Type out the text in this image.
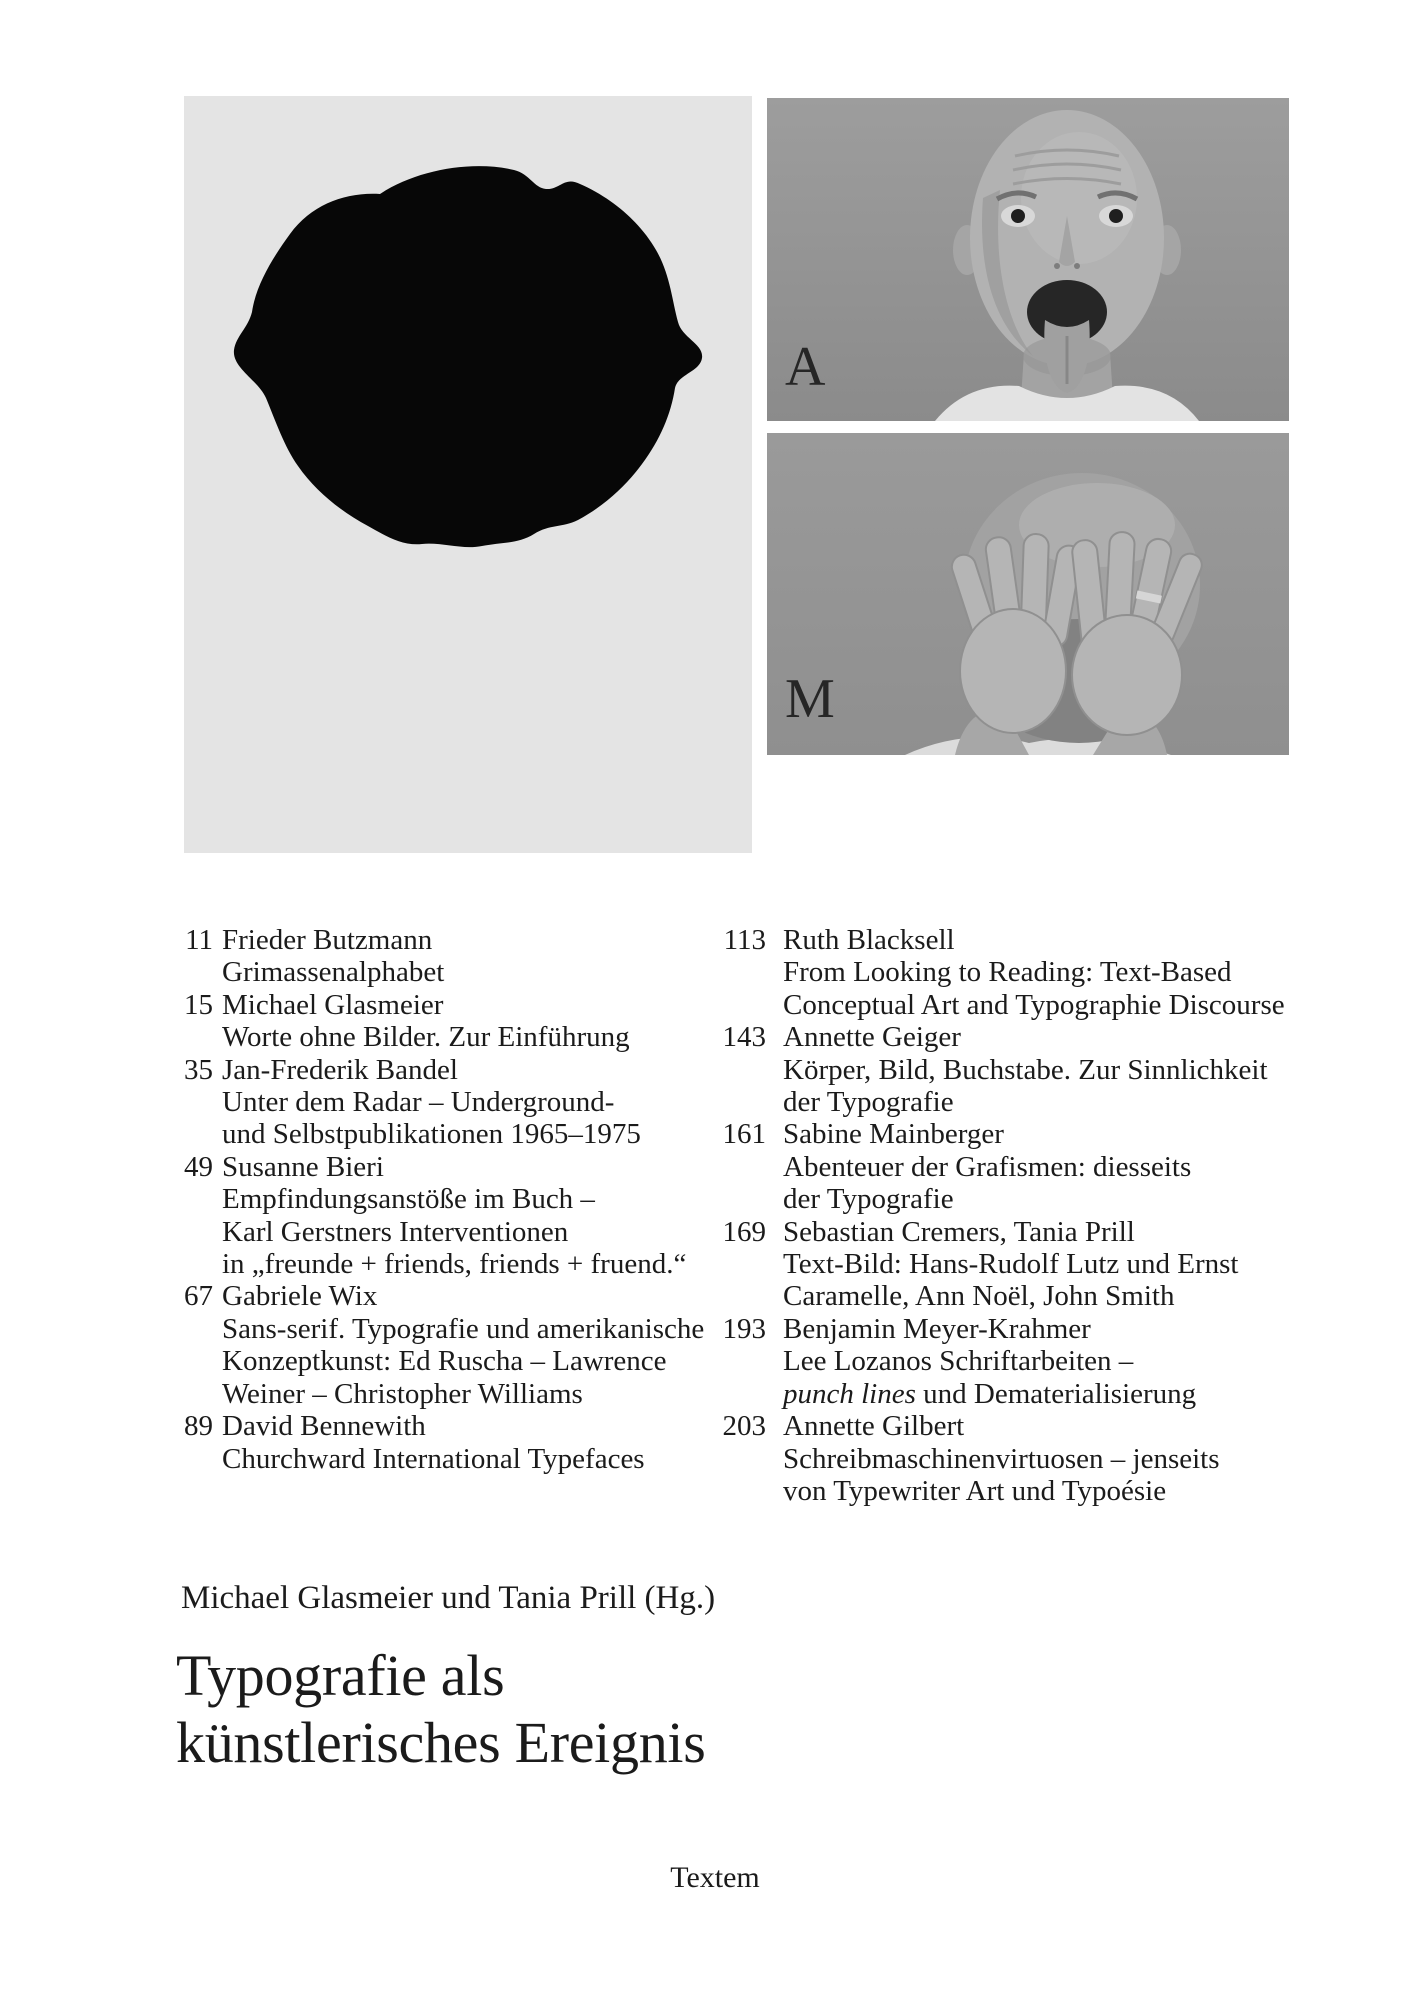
A
M
11 Frieder Butzmann
Grimassenalphabet
15 Michael Glasmeier
Worte ohne Bilder. Zur Einführung
35 Jan-Frederik Bandel
Unter dem Radar – Underground-
und Selbstpublikationen 1965–1975
49 Susanne Bieri
Empfindungsanstöße im Buch –
Karl Gerstners Interventionen
in „freunde + friends, friends + fruend.“
67 Gabriele Wix
Sans-serif. Typografie und amerikanische
Konzeptkunst: Ed Ruscha – Lawrence
Weiner – Christopher Williams
89 David Bennewith
Churchward International Typefaces
113 Ruth Blacksell
From Looking to Reading: Text-Based
Conceptual Art and Typographie Discourse
143 Annette Geiger
Körper, Bild, Buchstabe. Zur Sinnlichkeit
der Typografie
161 Sabine Mainberger
Abenteuer der Grafismen: diesseits
der Typografie
169 Sebastian Cremers, Tania Prill
Text-Bild: Hans-Rudolf Lutz und Ernst
Caramelle, Ann Noël, John Smith
193 Benjamin Meyer-Krahmer
Lee Lozanos Schriftarbeiten –
punch lines und Dematerialisierung
203 Annette Gilbert
Schreibmaschinenvirtuosen – jenseits
von Typewriter Art und Typoésie
Michael Glasmeier und Tania Prill (Hg.)
Typografie als
künstlerisches Ereignis
Textem
